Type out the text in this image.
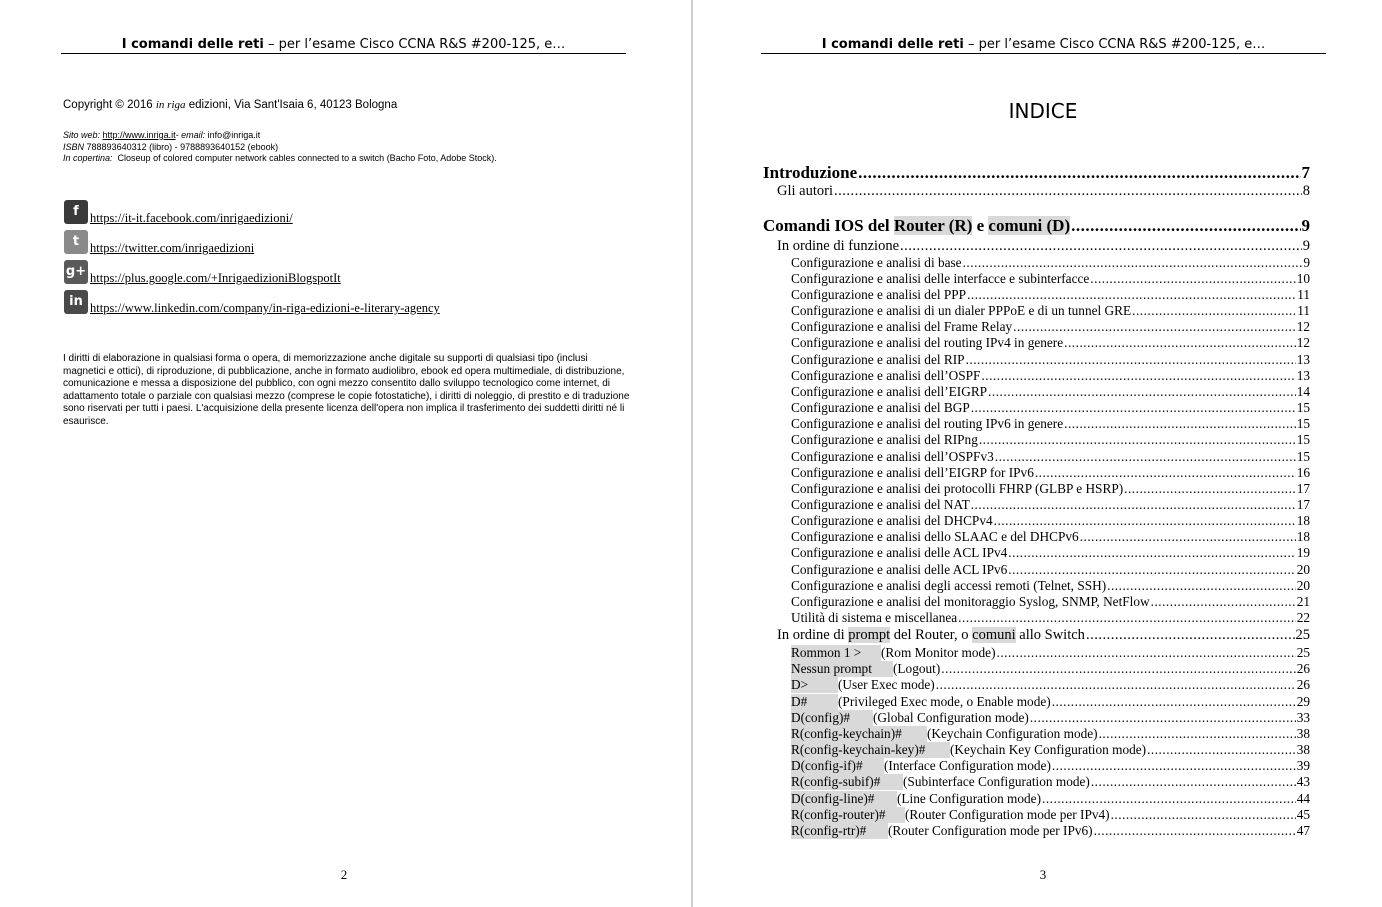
I comandi delle reti – per l’esame Cisco CCNA R&S #200-125, e…
Copyright © 2016 in riga edizioni, Via Sant'Isaia 6, 40123 Bologna
Sito web: http://www.inriga.it- email: info@inriga.it
ISBN 788893640312 (libro) - 9788893640152 (ebook)
In copertina: Closeup of colored computer network cables connected to a switch (Bacho Foto, Adobe Stock).
f https://it-it.facebook.com/inrigaedizioni/
t https://twitter.com/inrigaedizioni
g+ https://plus.google.com/+InrigaedizioniBlogspotIt
in https://www.linkedin.com/company/in-riga-edizioni-e-literary-agency
I diritti di elaborazione in qualsiasi forma o opera, di memorizzazione anche digitale su supporti di qualsiasi tipo (inclusi magnetici e ottici), di riproduzione, di pubblicazione, anche in formato audiolibro, ebook ed opera multimediale, di distribuzione, comunicazione e messa a disposizione del pubblico, con ogni mezzo consentito dallo sviluppo tecnologico come internet, di adattamento totale o parziale con qualsiasi mezzo (comprese le copie fotostatiche), i diritti di noleggio, di prestito e di traduzione sono riservati per tutti i paesi. L'acquisizione della presente licenza dell'opera non implica il trasferimento dei suddetti diritti né li esaurisce.
2
I comandi delle reti – per l’esame Cisco CCNA R&S #200-125, e…
INDICE
Introduzione .....	7
Gli autori .....	8
Comandi IOS del Router (R) e comuni (D) .....	9
In ordine di funzione .....	9
Configurazione e analisi di base .....	9
Configurazione e analisi delle interfacce e subinterfacce .....	10
Configurazione e analisi del PPP .....	11
Configurazione e analisi di un dialer PPPoE e di un tunnel GRE .....	11
Configurazione e analisi del Frame Relay .....	12
Configurazione e analisi del routing IPv4 in genere .....	12
Configurazione e analisi del RIP .....	13
Configurazione e analisi dell’OSPF .....	13
Configurazione e analisi dell’EIGRP .....	14
Configurazione e analisi del BGP .....	15
Configurazione e analisi del routing IPv6 in genere .....	15
Configurazione e analisi del RIPng .....	15
Configurazione e analisi dell’OSPFv3 .....	15
Configurazione e analisi dell’EIGRP for IPv6 .....	16
Configurazione e analisi dei protocolli FHRP (GLBP e HSRP) .....	17
Configurazione e analisi del NAT .....	17
Configurazione e analisi del DHCPv4 .....	18
Configurazione e analisi dello SLAAC e del DHCPv6 .....	18
Configurazione e analisi delle ACL IPv4 .....	19
Configurazione e analisi delle ACL IPv6 .....	20
Configurazione e analisi degli accessi remoti (Telnet, SSH) .....	20
Configurazione e analisi del monitoraggio Syslog, SNMP, NetFlow .....	21
Utilità di sistema e miscellanea .....	22
In ordine di prompt del Router, o comuni allo Switch .....	25
Rommon 1 > (Rom Monitor mode) .....	25
Nessun prompt (Logout) .....	26
D> (User Exec mode) .....	26
D# (Privileged Exec mode, o Enable mode) .....	29
D(config)# (Global Configuration mode) .....	33
R(config-keychain)# (Keychain Configuration mode) .....	38
R(config-keychain-key)# (Keychain Key Configuration mode) .....	38
D(config-if)# (Interface Configuration mode) .....	39
R(config-subif)# (Subinterface Configuration mode) .....	43
D(config-line)# (Line Configuration mode) .....	44
R(config-router)# (Router Configuration mode per IPv4) .....	45
R(config-rtr)# (Router Configuration mode per IPv6) .....	47
3
